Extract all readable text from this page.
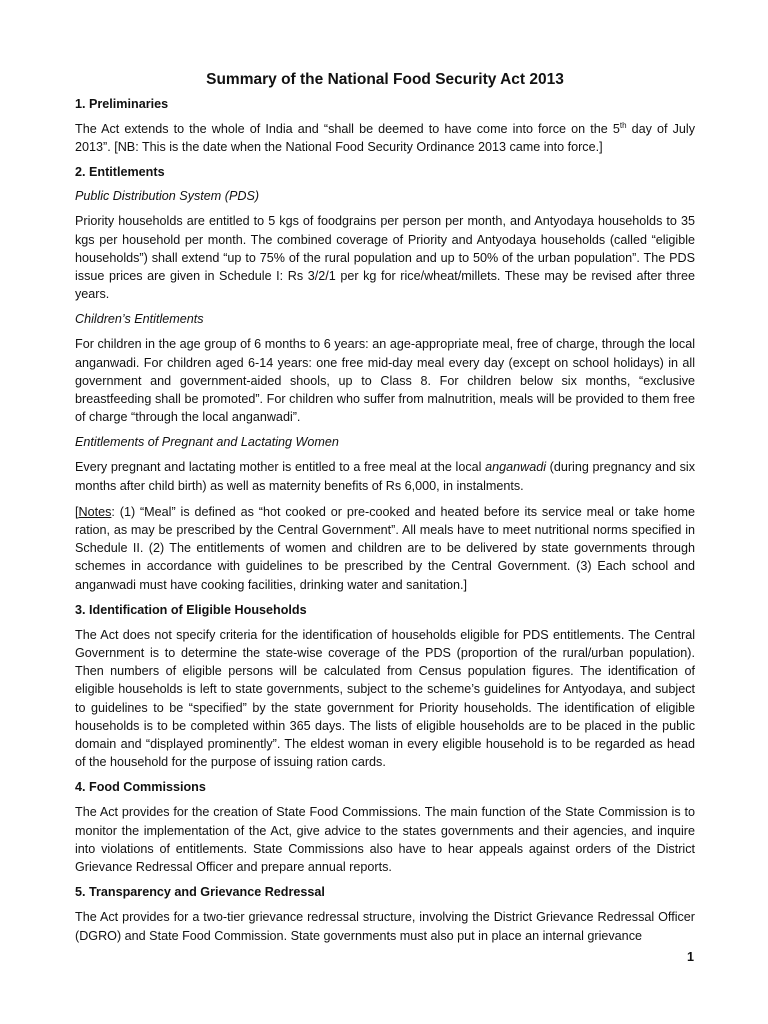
Summary of the National Food Security Act 2013
1. Preliminaries

The Act extends to the whole of India and “shall be deemed to have come into force on the 5th day of July 2013”. [NB: This is the date when the National Food Security Ordinance 2013 came into force.]

2. Entitlements
Public Distribution System (PDS)

Priority households are entitled to 5 kgs of foodgrains per person per month, and Antyodaya households to 35 kgs per household per month. The combined coverage of Priority and Antyodaya households (called “eligible households”) shall extend “up to 75% of the rural population and up to 50% of the urban population”. The PDS issue prices are given in Schedule I: Rs 3/2/1 per kg for rice/wheat/millets. These may be revised after three years.

Children’s Entitlements

For children in the age group of 6 months to 6 years: an age-appropriate meal, free of charge, through the local anganwadi. For children aged 6-14 years: one free mid-day meal every day (except on school holidays) in all government and government-aided shools, up to Class 8. For children below six months, “exclusive breastfeeding shall be promoted”. For children who suffer from malnutrition, meals will be provided to them free of charge “through the local anganwadi”.

Entitlements of Pregnant and Lactating Women

Every pregnant and lactating mother is entitled to a free meal at the local anganwadi (during pregnancy and six months after child birth) as well as maternity benefits of Rs 6,000, in instalments.

[Notes: (1) “Meal” is defined as “hot cooked or pre-cooked and heated before its service meal or take home ration, as may be prescribed by the Central Government”. All meals have to meet nutritional norms specified in Schedule II. (2) The entitlements of women and children are to be delivered by state governments through schemes in accordance with guidelines to be prescribed by the Central Government. (3) Each school and anganwadi must have cooking facilities, drinking water and sanitation.]

3. Identification of Eligible Households

The Act does not specify criteria for the identification of households eligible for PDS entitlements. The Central Government is to determine the state-wise coverage of the PDS (proportion of the rural/urban population). Then numbers of eligible persons will be calculated from Census population figures. The identification of eligible households is left to state governments, subject to the scheme’s guidelines for Antyodaya, and subject to guidelines to be “specified” by the state government for Priority households. The identification of eligible households is to be completed within 365 days. The lists of eligible households are to be placed in the public domain and “displayed prominently”. The eldest woman in every eligible household is to be regarded as head of the household for the purpose of issuing ration cards.

4. Food Commissions

The Act provides for the creation of State Food Commissions. The main function of the State Commission is to monitor the implementation of the Act, give advice to the states governments and their agencies, and inquire into violations of entitlements. State Commissions also have to hear appeals against orders of the District Grievance Redressal Officer and prepare annual reports.

5. Transparency and Grievance Redressal

The Act provides for a two-tier grievance redressal structure, involving the District Grievance Redressal Officer (DGRO) and State Food Commission. State governments must also put in place an internal grievance

1
